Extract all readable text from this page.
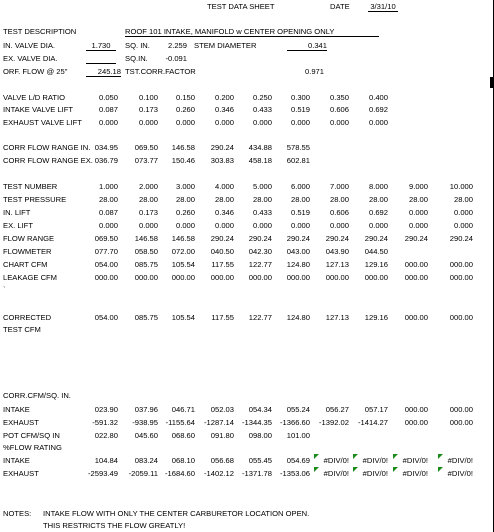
TEST DATA SHEET	DATE	3/31/10
TEST DESCRIPTION	ROOF 101 INTAKE, MANIFOLD w CENTER OPENING ONLY
IN. VALVE DIA.	1.730	SQ. IN.	2.259 STEM DIAMETER	0.341
EX. VALVE DIA.	SQ.IN.	-0.091
ORF. FLOW @ 25"	245.18 TST.CORR.FACTOR	0.971
VALVE L/D RATIO	0.050	0.100	0.150	0.200	0.250	0.300	0.350	0.400
INTAKE VALVE LIFT	0.087	0.173	0.260	0.346	0.433	0.519	0.606	0.692
EXHAUST VALVE LIFT	0.000	0.000	0.000	0.000	0.000	0.000	0.000	0.000
CORR FLOW RANGE IN. 034.95	069.50	146.58	290.24	434.88	578.55
CORR FLOW RANGE EX. 036.79	073.77	150.46	303.83	458.18	602.81
TEST NUMBER	1.000	2.000	3.000	4.000	5.000	6.000	7.000	8.000	9.000	10.000
TEST PRESSURE	28.00	28.00	28.00	28.00	28.00	28.00	28.00	28.00	28.00	28.00
IN. LIFT	0.087	0.173	0.260	0.346	0.433	0.519	0.606	0.692	0.000	0.000
EX. LIFT	0.000	0.000	0.000	0.000	0.000	0.000	0.000	0.000	0.000	0.000
FLOW RANGE	069.50	146.58	146.58	290.24	290.24	290.24	290.24	290.24	290.24	290.24
FLOWMETER	077.70	058.50	072.00	040.50	042.30	043.00	043.90	044.50
CHART CFM	054.00	085.75	105.54	117.55	122.77	124.80	127.13	129.16	000.00	000.00
LEAKAGE CFM	000.00	000.00	000.00	000.00	000.00	000.00	000.00	000.00	000.00	000.00
`
CORRECTED
TEST CFM
054.00	085.75	105.54	117.55	122.77	124.80	127.13	129.16	000.00	000.00
CORR.CFM/SQ. IN.
INTAKE	023.90	037.96	046.71	052.03	054.34	055.24	056.27	057.17	000.00	000.00
EXHAUST	-591.32	-938.95 -1155.64	-1287.14	-1344.35	-1366.60	-1392.02	-1414.27	000.00	000.00
POT CFM/SQ IN	022.80	045.60	068.60	091.80	098.00	101.00
%FLOW RATING
INTAKE	104.84	083.24	068.10	056.68	055.45	054.69	#DIV/0!	#DIV/0!	#DIV/0!	#DIV/0!
EXHAUST	-2593.49	-2059.11 -1684.60	-1402.12	-1371.78	-1353.06	#DIV/0!	#DIV/0!	#DIV/0!	#DIV/0!
NOTES: INTAKE FLOW WITH ONLY THE CENTER CARBURETOR LOCATION OPEN.
THIS RESTRICTS THE FLOW GREATLY!
